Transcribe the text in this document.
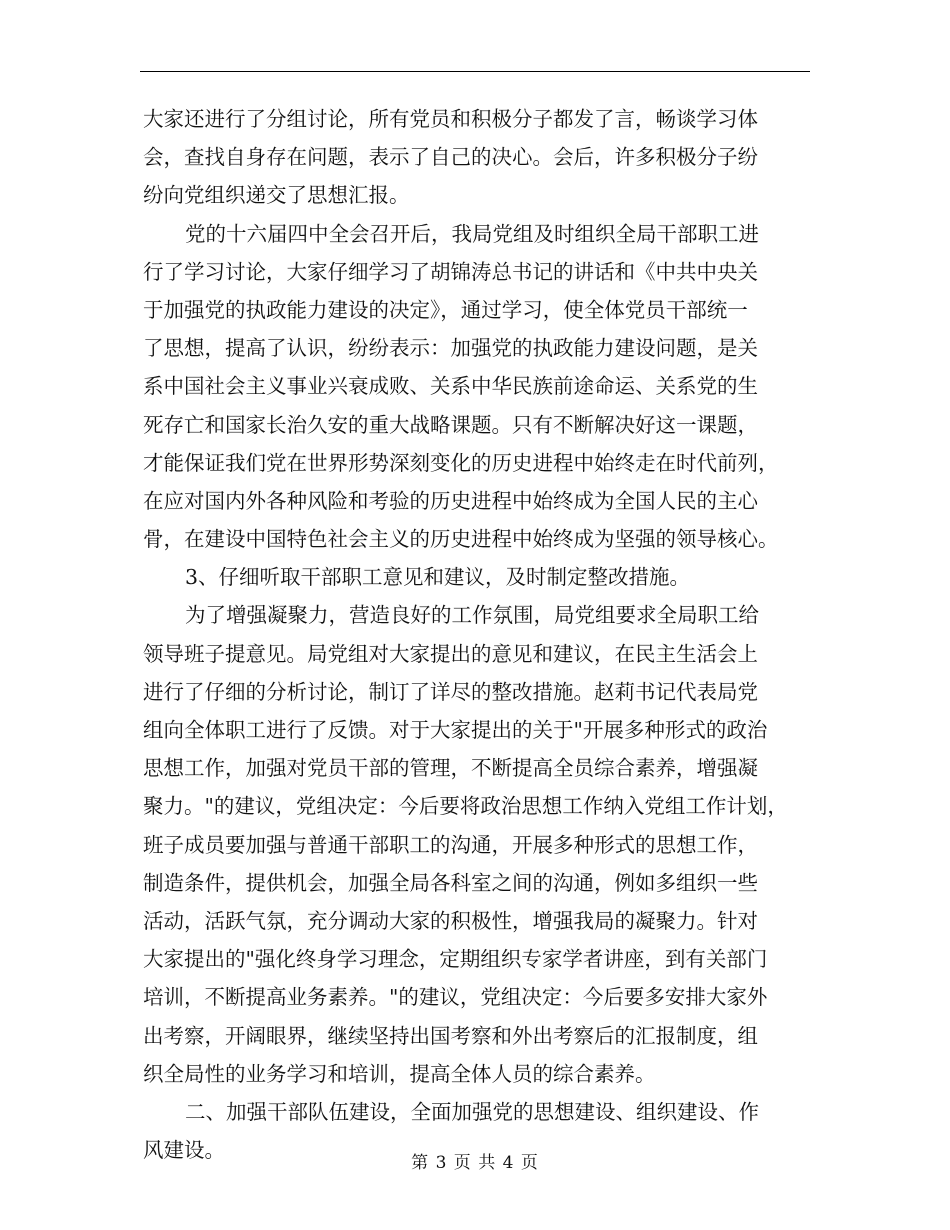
大家还进行了分组讨论，所有党员和积极分子都发了言，畅谈学习体
会，查找自身存在问题，表示了自己的决心。会后，许多积极分子纷
纷向党组织递交了思想汇报。
党的十六届四中全会召开后，我局党组及时组织全局干部职工进
行了学习讨论，大家仔细学习了胡锦涛总书记的讲话和《中共中央关
于加强党的执政能力建设的决定》，通过学习，使全体党员干部统一
了思想，提高了认识，纷纷表示：加强党的执政能力建设问题，是关
系中国社会主义事业兴衰成败、关系中华民族前途命运、关系党的生
死存亡和国家长治久安的重大战略课题。只有不断解决好这一课题，
才能保证我们党在世界形势深刻变化的历史进程中始终走在时代前列，
在应对国内外各种风险和考验的历史进程中始终成为全国人民的主心
骨，在建设中国特色社会主义的历史进程中始终成为坚强的领导核心。
3、仔细听取干部职工意见和建议，及时制定整改措施。
为了增强凝聚力，营造良好的工作氛围，局党组要求全局职工给
领导班子提意见。局党组对大家提出的意见和建议，在民主生活会上
进行了仔细的分析讨论，制订了详尽的整改措施。赵莉书记代表局党
组向全体职工进行了反馈。对于大家提出的关于"开展多种形式的政治
思想工作，加强对党员干部的管理，不断提高全员综合素养，增强凝
聚力。"的建议，党组决定：今后要将政治思想工作纳入党组工作计划，
班子成员要加强与普通干部职工的沟通，开展多种形式的思想工作，
制造条件，提供机会，加强全局各科室之间的沟通，例如多组织一些
活动，活跃气氛，充分调动大家的积极性，增强我局的凝聚力。针对
大家提出的"强化终身学习理念，定期组织专家学者讲座，到有关部门
培训，不断提高业务素养。"的建议，党组决定：今后要多安排大家外
出考察，开阔眼界，继续坚持出国考察和外出考察后的汇报制度，组
织全局性的业务学习和培训，提高全体人员的综合素养。
二、加强干部队伍建设，全面加强党的思想建设、组织建设、作
风建设。
第 3 页 共 4 页
